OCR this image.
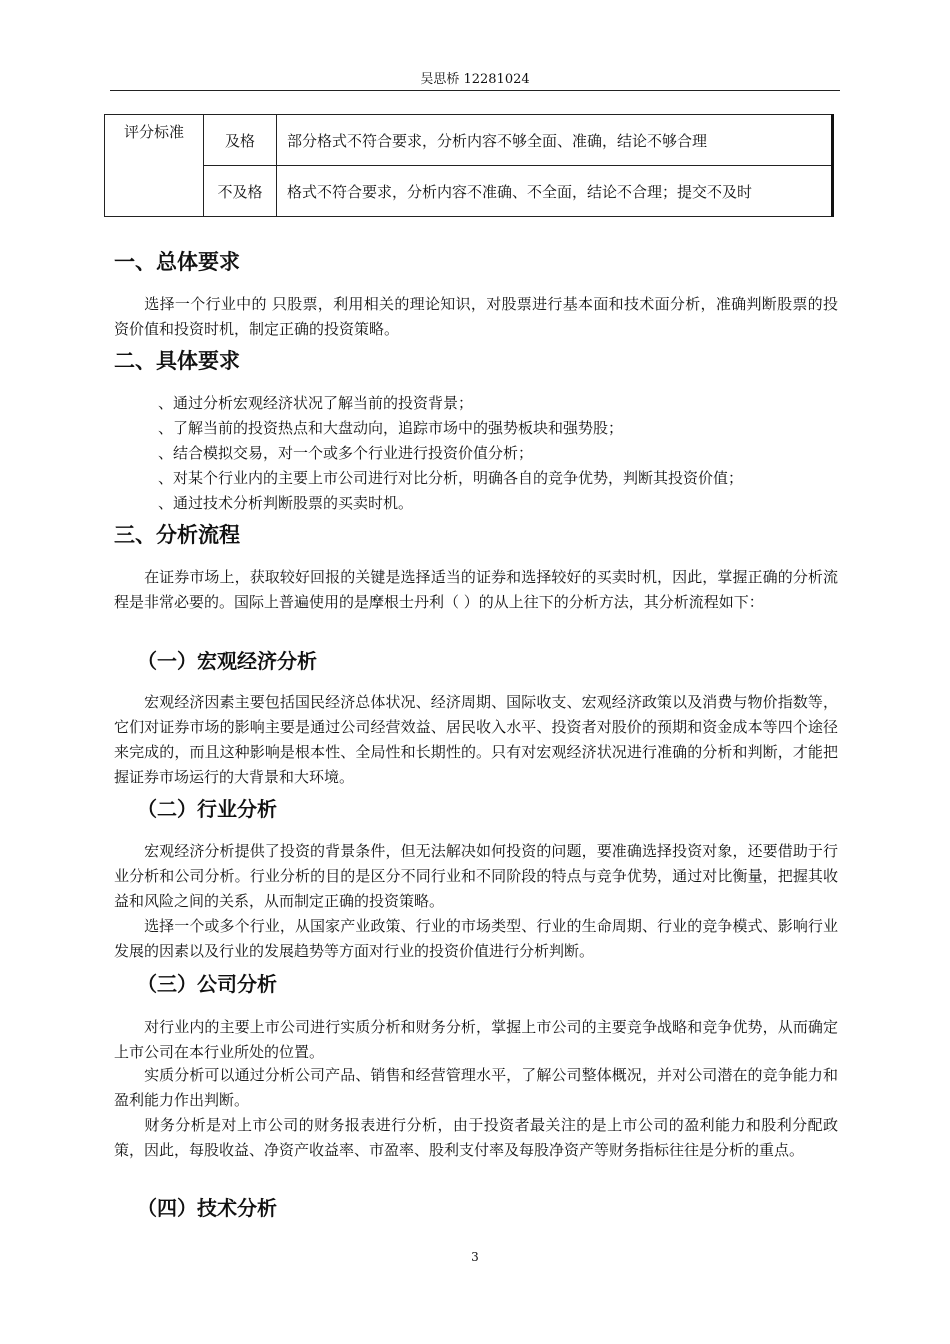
吴思桥 12281024
评分标准	及格	部分格式不符合要求，分析内容不够全面、准确，结论不够合理
	不及格	格式不符合要求，分析内容不准确、不全面，结论不合理；提交不及时
一、总体要求

选择一个行业中的 只股票，利用相关的理论知识，对股票进行基本面和技术面分析，准确判断股票的投资价值和投资时机，制定正确的投资策略。

二、具体要求

、通过分析宏观经济状况了解当前的投资背景；

、了解当前的投资热点和大盘动向，追踪市场中的强势板块和强势股；

、结合模拟交易，对一个或多个行业进行投资价值分析；

、对某个行业内的主要上市公司进行对比分析，明确各自的竞争优势，判断其投资价值；

、通过技术分析判断股票的买卖时机。

三、分析流程

在证券市场上，获取较好回报的关键是选择适当的证券和选择较好的买卖时机，因此，掌握正确的分析流程是非常必要的。国际上普遍使用的是摩根士丹利（ ）的从上往下的分析方法，其分析流程如下：

（一）宏观经济分析

宏观经济因素主要包括国民经济总体状况、经济周期、国际收支、宏观经济政策以及消费与物价指数等，它们对证券市场的影响主要是通过公司经营效益、居民收入水平、投资者对股价的预期和资金成本等四个途径来完成的，而且这种影响是根本性、全局性和长期性的。只有对宏观经济状况进行准确的分析和判断，才能把握证券市场运行的大背景和大环境。

（二）行业分析

宏观经济分析提供了投资的背景条件，但无法解决如何投资的问题，要准确选择投资对象，还要借助于行业分析和公司分析。行业分析的目的是区分不同行业和不同阶段的特点与竞争优势，通过对比衡量，把握其收益和风险之间的关系，从而制定正确的投资策略。

选择一个或多个行业，从国家产业政策、行业的市场类型、行业的生命周期、行业的竞争模式、影响行业发展的因素以及行业的发展趋势等方面对行业的投资价值进行分析判断。

（三）公司分析

对行业内的主要上市公司进行实质分析和财务分析，掌握上市公司的主要竞争战略和竞争优势，从而确定上市公司在本行业所处的位置。

实质分析可以通过分析公司产品、销售和经营管理水平，了解公司整体概况，并对公司潜在的竞争能力和盈利能力作出判断。

财务分析是对上市公司的财务报表进行分析，由于投资者最关注的是上市公司的盈利能力和股利分配政策，因此，每股收益、净资产收益率、市盈率、股利支付率及每股净资产等财务指标往往是分析的重点。

（四）技术分析
3
